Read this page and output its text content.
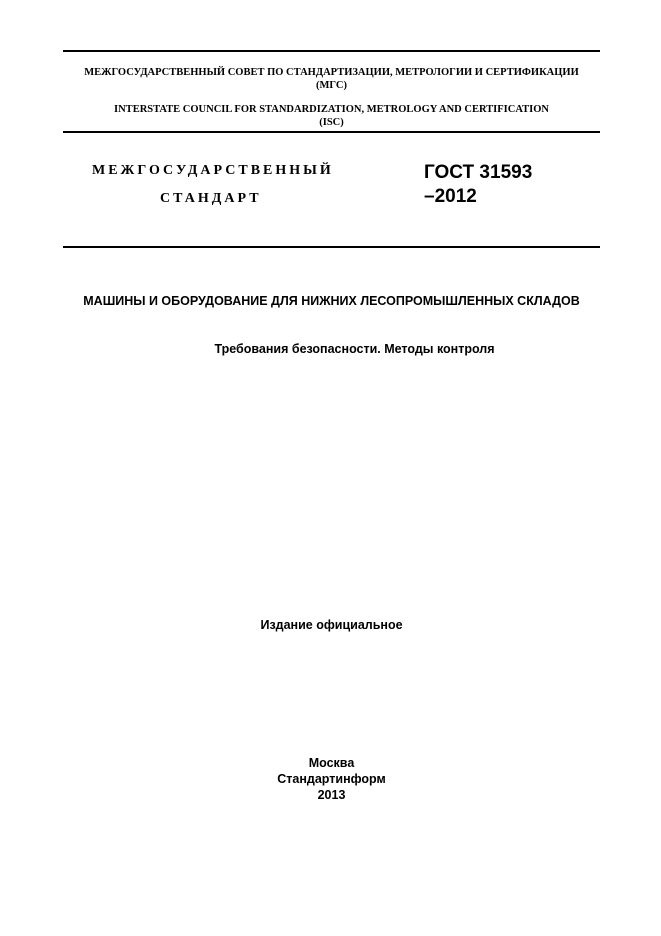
МЕЖГОСУДАРСТВЕННЫЙ СОВЕТ ПО СТАНДАРТИЗАЦИИ, МЕТРОЛОГИИ И СЕРТИФИКАЦИИ
(МГС)
INTERSTATE COUNCIL FOR STANDARDIZATION, METROLOGY AND CERTIFICATION
(ISC)
МЕЖГОСУДАРСТВЕННЫЙ
СТАНДАРТ
ГОСТ 31593
–2012
МАШИНЫ И ОБОРУДОВАНИЕ ДЛЯ НИЖНИХ ЛЕСОПРОМЫШЛЕННЫХ СКЛАДОВ
Требования безопасности. Методы контроля
Издание официальное
Москва
Стандартинформ
2013
